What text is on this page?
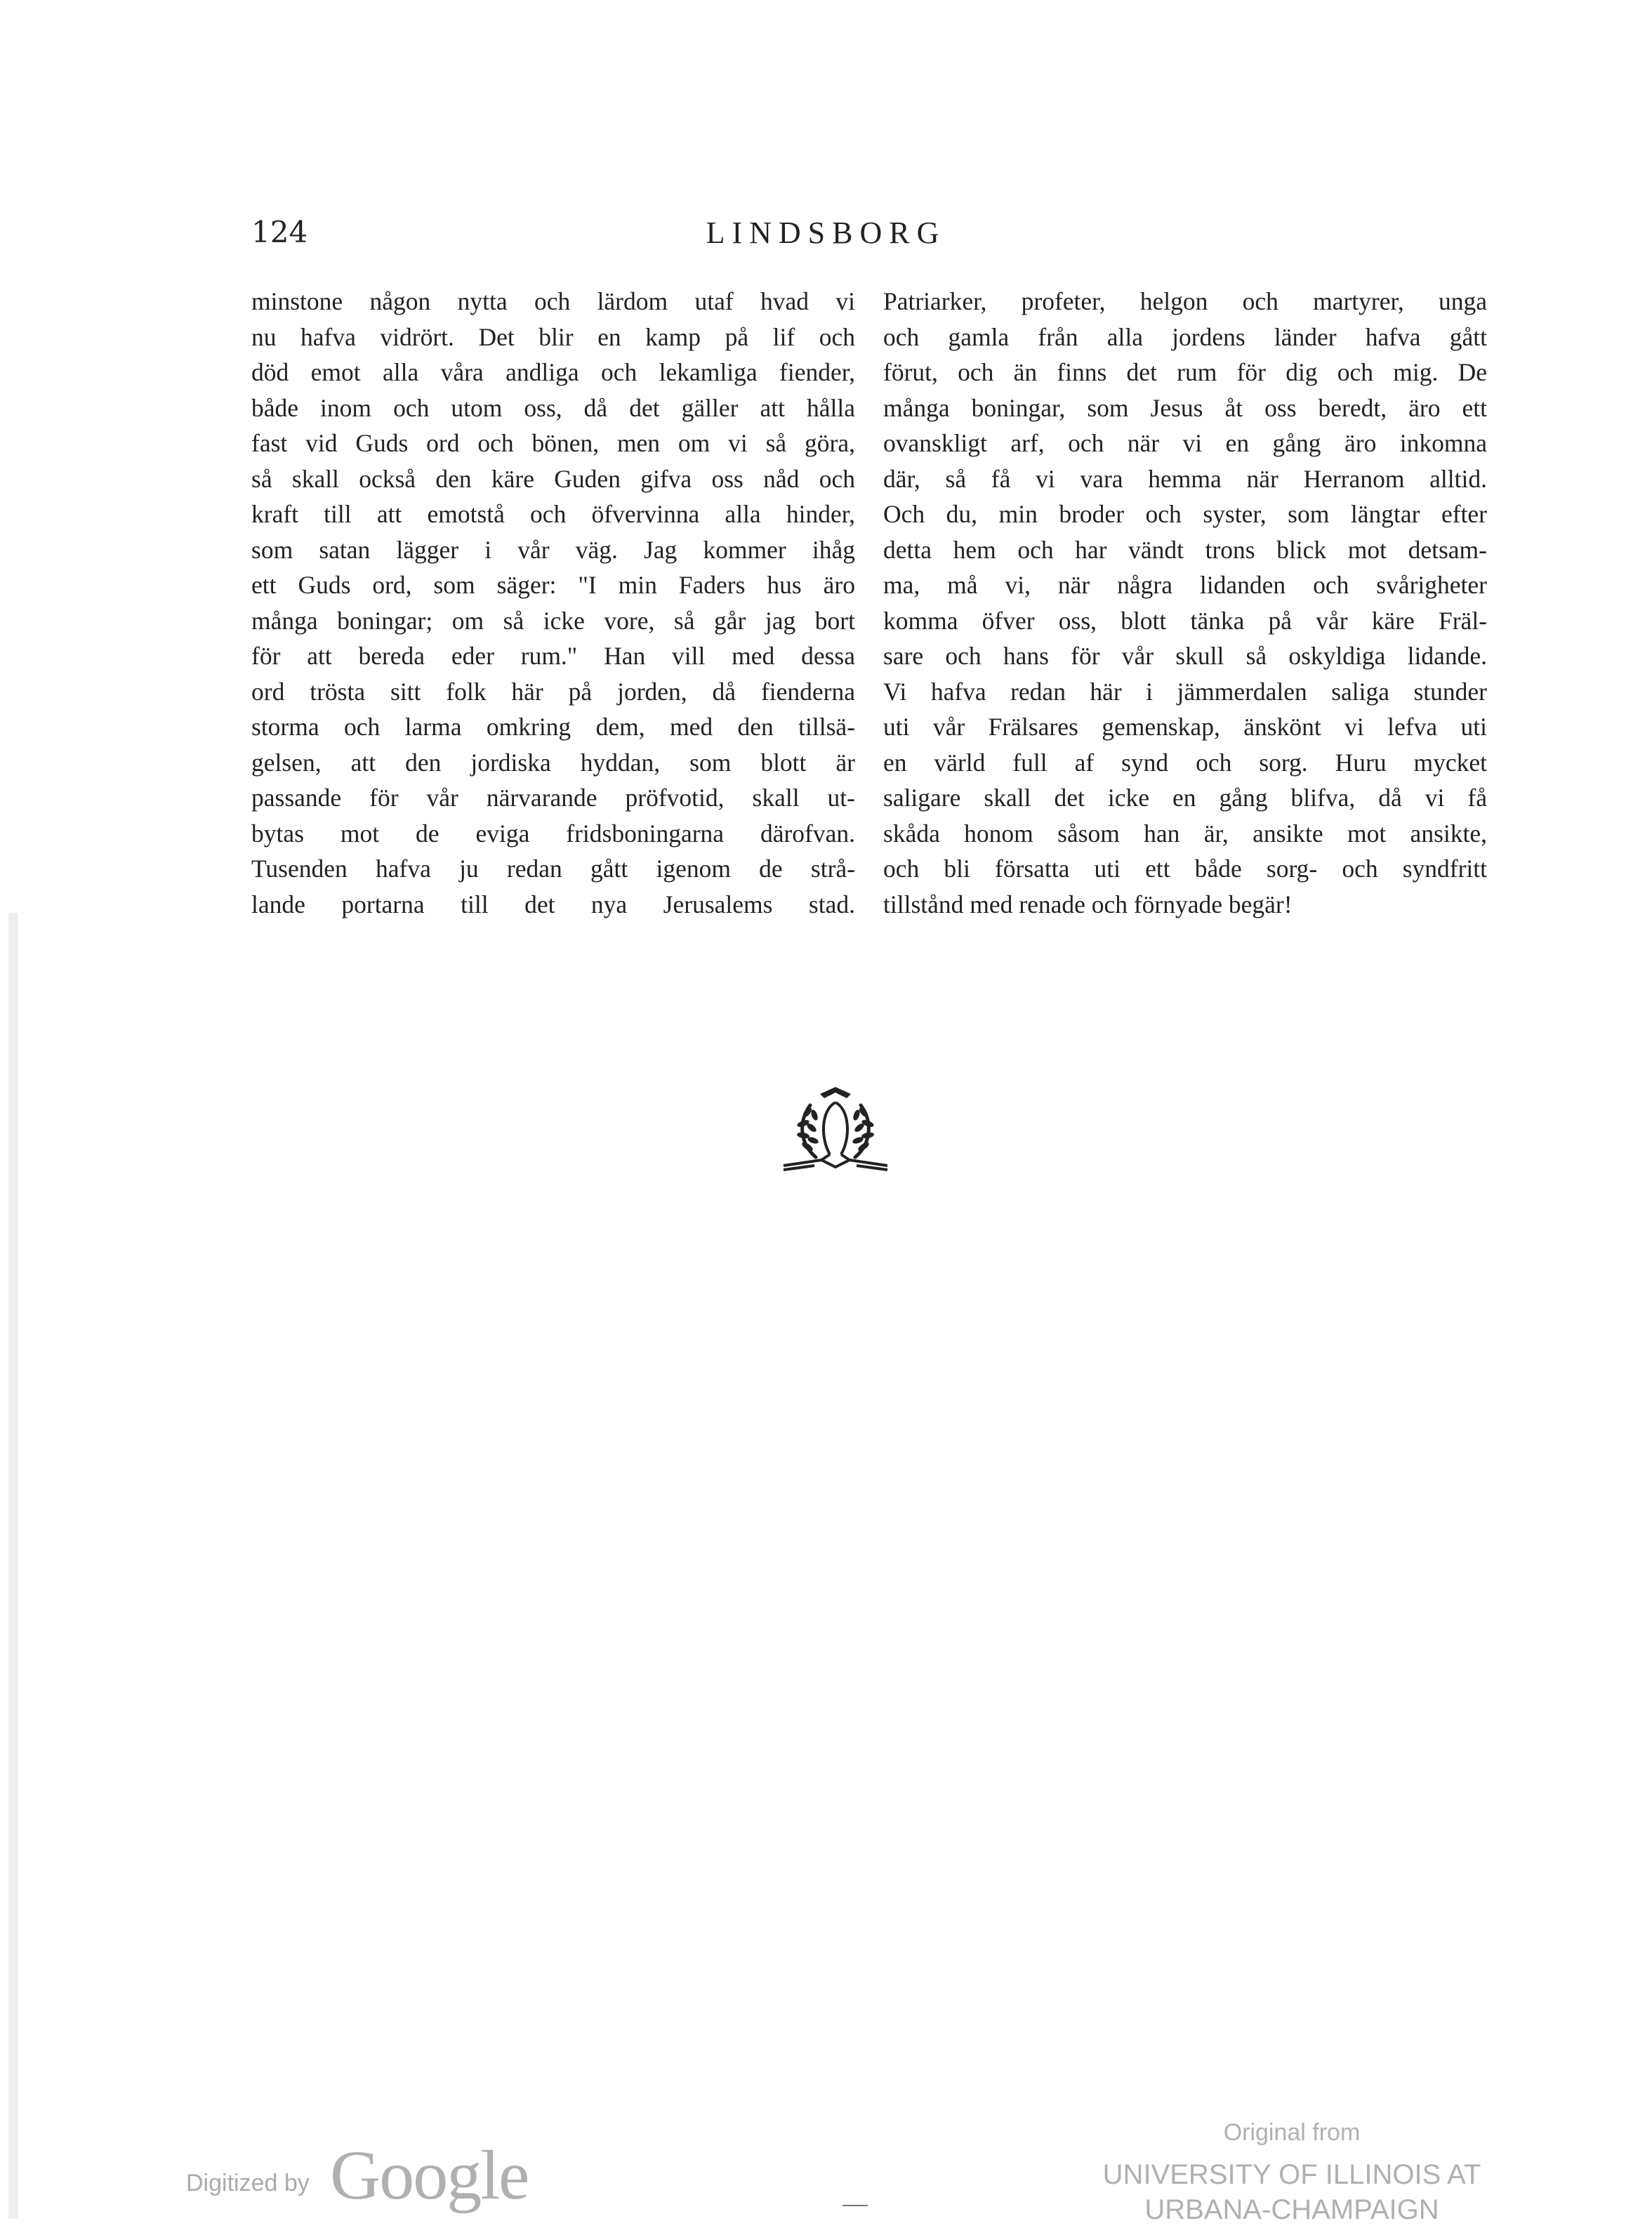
124	LINDSBORG
minstone någon nytta och lärdom utaf hvad vi
nu hafva vidrört. Det blir en kamp på lif och
död emot alla våra andliga och lekamliga fiender,
både inom och utom oss, då det gäller att hålla
fast vid Guds ord och bönen, men om vi så göra,
så skall också den käre Guden gifva oss nåd och
kraft till att emotstå och öfvervinna alla hinder,
som satan lägger i vår väg. Jag kommer ihåg
ett Guds ord, som säger: "I min Faders hus äro
många boningar; om så icke vore, så går jag bort
för att bereda eder rum." Han vill med dessa
ord trösta sitt folk här på jorden, då fienderna
storma och larma omkring dem, med den tillsä-
gelsen, att den jordiska hyddan, som blott är
passande för vår närvarande pröfvotid, skall ut-
bytas mot de eviga fridsboningarna därofvan.
Tusenden hafva ju redan gått igenom de strå-
lande portarna till det nya Jerusalems stad.
Patriarker, profeter, helgon och martyrer, unga
och gamla från alla jordens länder hafva gått
förut, och än finns det rum för dig och mig. De
många boningar, som Jesus åt oss beredt, äro ett
ovanskligt arf, och när vi en gång äro inkomna
där, så få vi vara hemma när Herranom alltid.
Och du, min broder och syster, som längtar efter
detta hem och har vändt trons blick mot detsam-
ma, må vi, när några lidanden och svårigheter
komma öfver oss, blott tänka på vår käre Fräl-
sare och hans för vår skull så oskyldiga lidande.
Vi hafva redan här i jämmerdalen saliga stunder
uti vår Frälsares gemenskap, änskönt vi lefva uti
en värld full af synd och sorg. Huru mycket
saligare skall det icke en gång blifva, då vi få
skåda honom såsom han är, ansikte mot ansikte,
och bli försatta uti ett både sorg- och syndfritt
tillstånd med renade och förnyade begär!
Digitized by Google
Original from
UNIVERSITY OF ILLINOIS AT
URBANA-CHAMPAIGN
